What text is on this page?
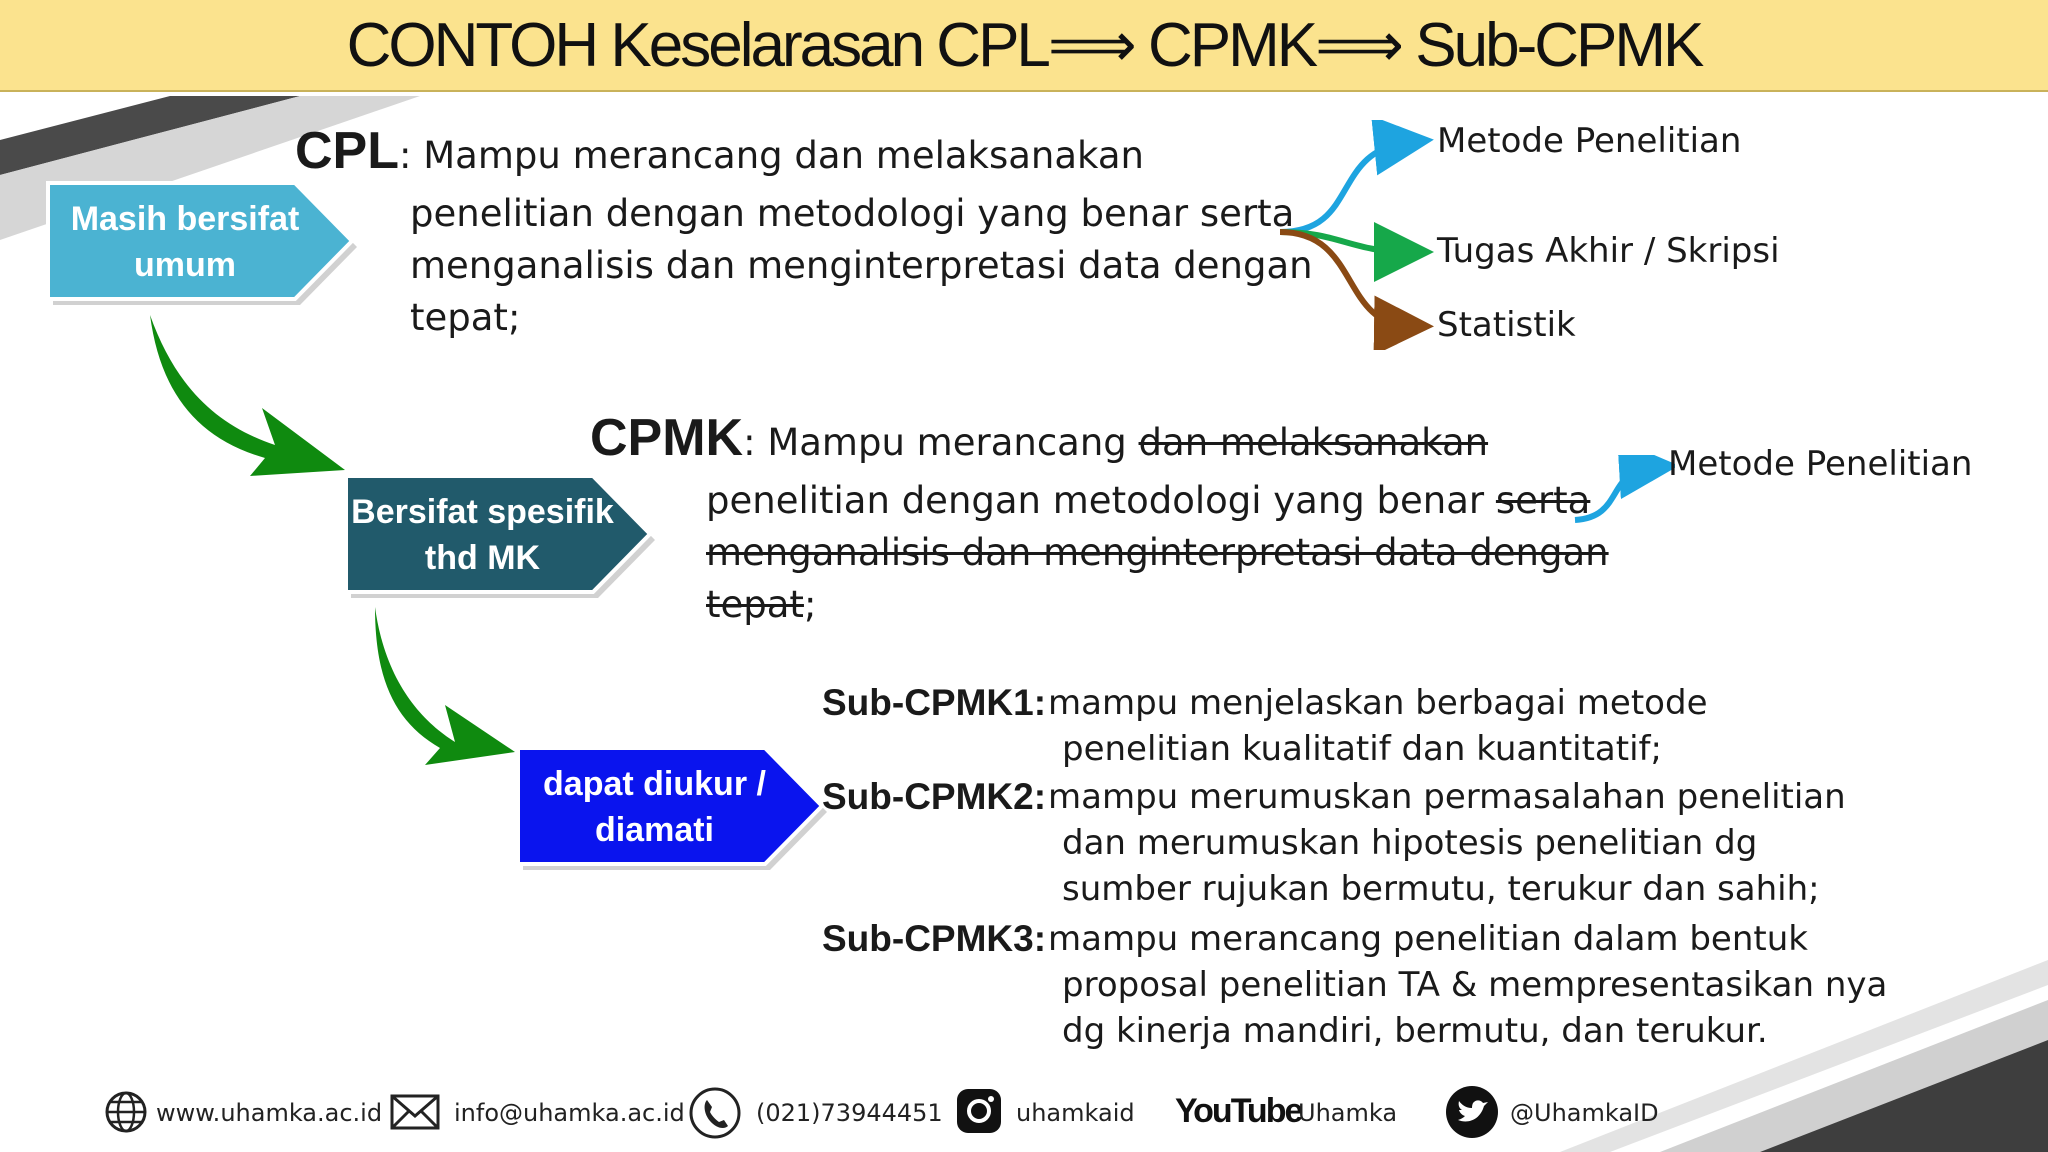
CONTOH Keselarasan CPL⟹ CPMK⟹ Sub-CPMK
Masih bersifat umum
Bersifat spesifik thd MK
dapat diukur / diamati
CPL: Mampu merancang dan melaksanakan
penelitian dengan metodologi yang benar serta
menganalisis dan menginterpretasi data dengan
tepat;
Metode Penelitian
Tugas Akhir / Skripsi
Statistik
CPMK: Mampu merancang dan melaksanakan
penelitian dengan metodologi yang benar serta
menganalisis dan menginterpretasi data dengan
tepat;
Metode Penelitian
Sub-CPMK1: mampu menjelaskan berbagai metode
penelitian kualitatif dan kuantitatif;
Sub-CPMK2: mampu merumuskan permasalahan penelitian
dan merumuskan hipotesis penelitian dg
sumber rujukan bermutu, terukur dan sahih;
Sub-CPMK3: mampu merancang penelitian dalam bentuk
proposal penelitian TA & mempresentasikan nya
dg kinerja mandiri, bermutu, dan terukur.
www.uhamka.ac.id	info@uhamka.ac.id	(021)73944451	uhamkaid YouTube
Uhamka	@UhamkaID
